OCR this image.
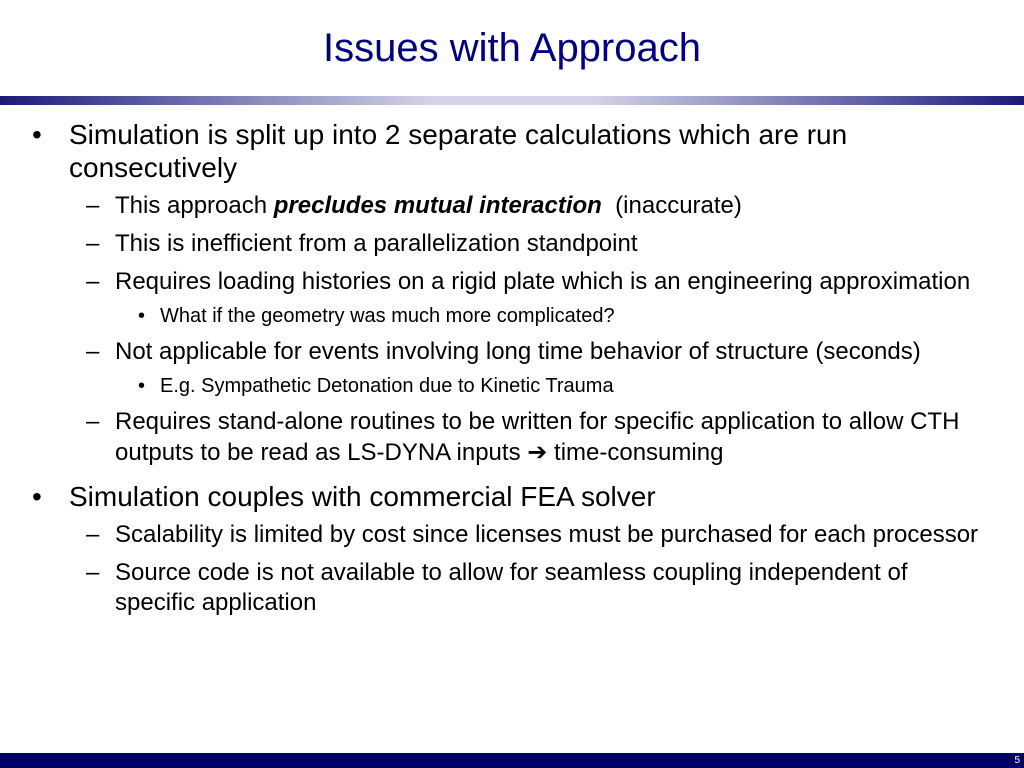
Issues with Approach

• Simulation is split up into 2 separate calculations which are run consecutively

– This approach precludes mutual interaction  (inaccurate)

– This is inefficient from a parallelization standpoint

– Requires loading histories on a rigid plate which is an engineering approximation

• What if the geometry was much more complicated?

– Not applicable for events involving long time behavior of structure (seconds)

• E.g. Sympathetic Detonation due to Kinetic Trauma

– Requires stand-alone routines to be written for specific application to allow CTH outputs to be read as LS-DYNA inputs ➔ time-consuming

• Simulation couples with commercial FEA solver

– Scalability is limited by cost since licenses must be purchased for each processor

– Source code is not available to allow for seamless coupling independent of specific application

5
